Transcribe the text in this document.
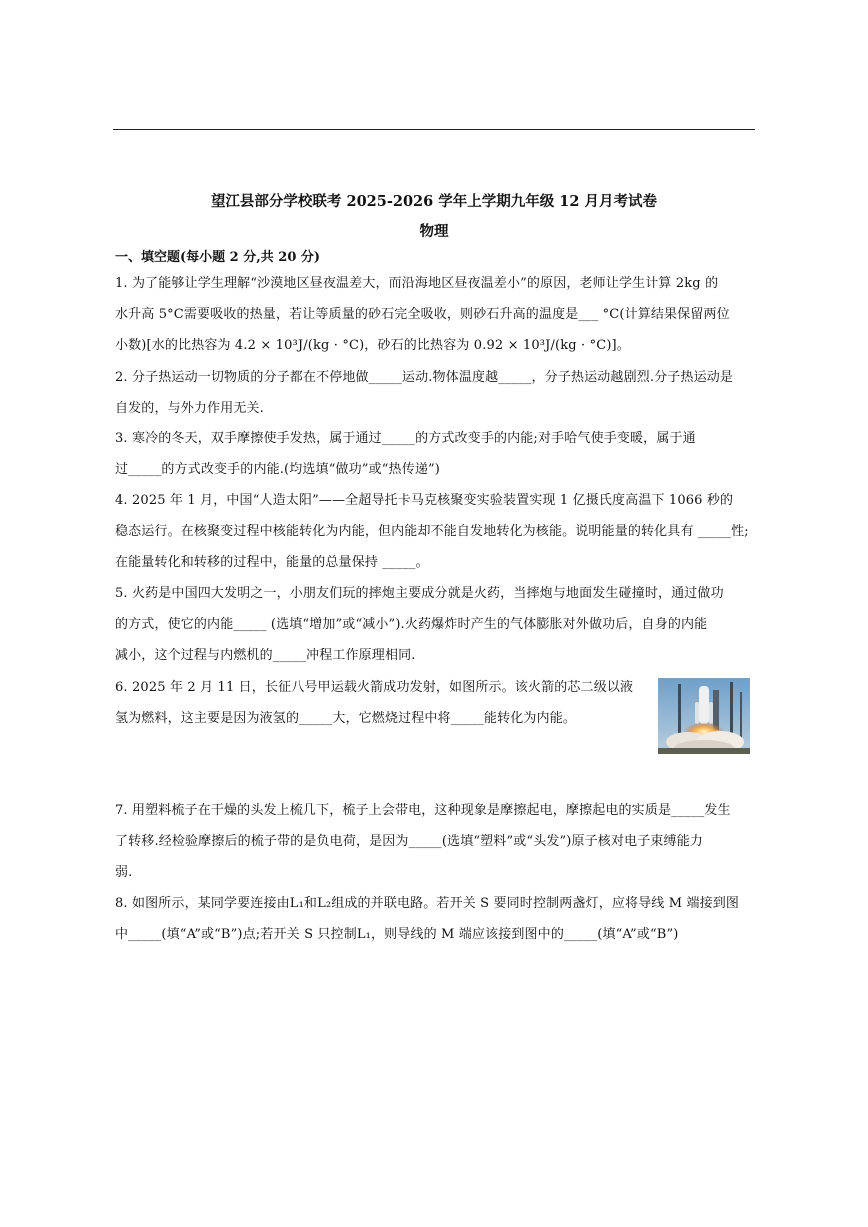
望江县部分学校联考 2025-2026 学年上学期九年级 12 月月考试卷
物理
一、填空题(每小题 2 分,共 20 分)
1. 为了能够让学生理解“沙漠地区昼夜温差大，而沿海地区昼夜温差小”的原因，老师让学生计算 2kg 的
水升高 5°C需要吸收的热量，若让等质量的砂石完全吸收，则砂石升高的温度是___ °C(计算结果保留两位
小数)[水的比热容为 4.2 × 10³J/(kg · °C)，砂石的比热容为 0.92 × 10³J/(kg · °C)]。
2. 分子热运动一切物质的分子都在不停地做_____运动.物体温度越_____，分子热运动越剧烈.分子热运动是
自发的，与外力作用无关.
3. 寒冷的冬天，双手摩擦使手发热，属于通过_____的方式改变手的内能;对手哈气使手变暖，属于通
过_____的方式改变手的内能.(均选填“做功”或“热传递”)
4. 2025 年 1 月，中国“人造太阳”——全超导托卡马克核聚变实验装置实现 1 亿摄氏度高温下 1066 秒的
稳态运行。在核聚变过程中核能转化为内能，但内能却不能自发地转化为核能。说明能量的转化具有 _____性;
在能量转化和转移的过程中，能量的总量保持 _____。
5. 火药是中国四大发明之一，小朋友们玩的摔炮主要成分就是火药，当摔炮与地面发生碰撞时，通过做功
的方式，使它的内能_____ (选填“增加”或“减小”).火药爆炸时产生的气体膨胀对外做功后，自身的内能
减小，这个过程与内燃机的_____冲程工作原理相同.
6. 2025 年 2 月 11 日，长征八号甲运载火箭成功发射，如图所示。该火箭的芯二级以液
氢为燃料，这主要是因为液氢的_____大，它燃烧过程中将_____能转化为内能。
7. 用塑料梳子在干燥的头发上梳几下，梳子上会带电，这种现象是摩擦起电，摩擦起电的实质是_____发生
了转移.经检验摩擦后的梳子带的是负电荷，是因为_____(选填“塑料”或“头发”)原子核对电子束缚能力
弱.
8. 如图所示，某同学要连接由L₁和L₂组成的并联电路。若开关 S 要同时控制两盏灯，应将导线 M 端接到图
中_____(填“A”或“B”)点;若开关 S 只控制L₁，则导线的 M 端应该接到图中的_____(填“A”或“B”)
